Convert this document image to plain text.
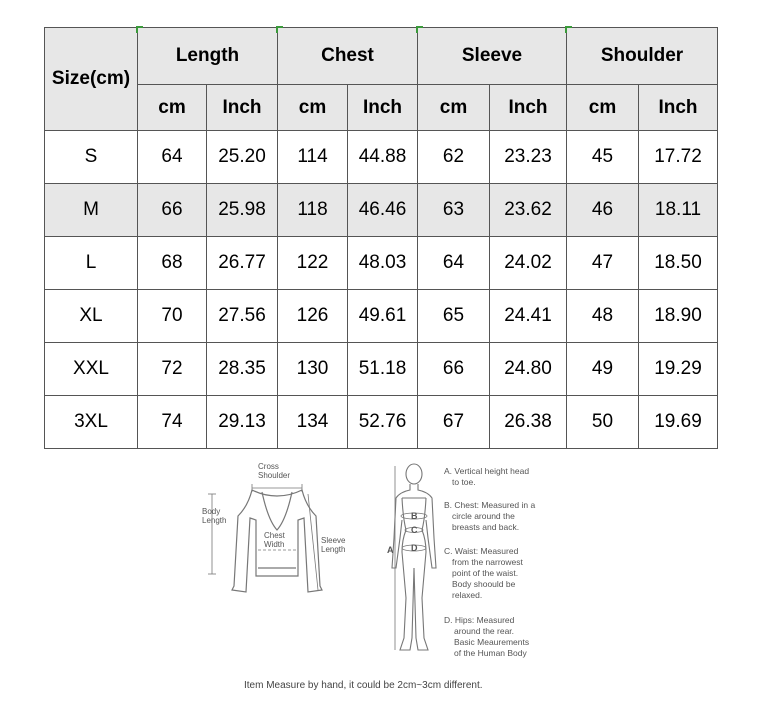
Size(cm)	Length		Chest		Sleeve		Shoulder	
	cm	Inch	cm	Inch	cm	Inch	cm	Inch
S	64	25.20	114	44.88	62	23.23	45	17.72
M	66	25.98	118	46.46	63	23.62	46	18.11
L	68	26.77	122	48.03	64	24.02	47	18.50
XL	70	27.56	126	49.61	65	24.41	48	18.90
XXL	72	28.35	130	51.18	66	24.80	49	19.29
3XL	74	29.13	134	52.76	67	26.38	50	19.69
Cross Shoulder
Body Length
Chest Width	Sleeve Length	A
B
C
D
A. Vertical height head to toe.
B. Chest: Measured in a circle around the breasts and back.
C. Waist: Measured from the narrowest point of the waist. Body shoould be relaxed.
D. Hips: Measured around the rear. Basic Meaurements of the Human Body
Item Measure by hand, it could be 2cm~3cm different.
